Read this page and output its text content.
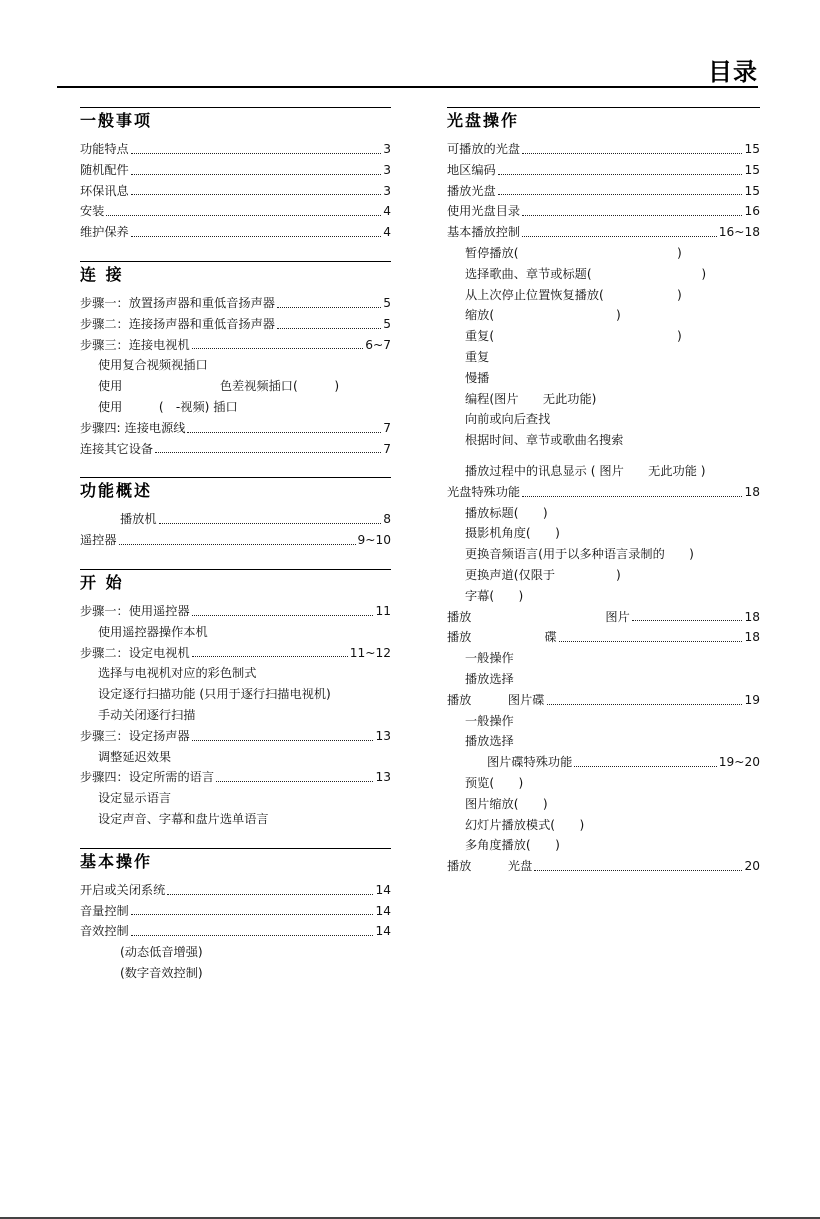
目录
一般事项
功能特点	3
随机配件	3
环保讯息	3
安装	4
维护保养	4
连 接
步骤一：放置扬声器和重低音扬声器	5
步骤二：连接扬声器和重低音扬声器	5
步骤三：连接电视机	6~7
使用复合视频视插口
使用　　　　　　　　色差视频插口(　　　)
使用　　　(　-视频) 插口
步骤四: 连接电源线	7
连接其它设备	7
功能概述
播放机	8
遥控器	9~10
开 始
步骤一：使用遥控器	11
使用遥控器操作本机
步骤二：设定电视机	11~12
选择与电视机对应的彩色制式
设定逐行扫描功能 (只用于逐行扫描电视机)
手动关闭逐行扫描
步骤三：设定扬声器	13
调整延迟效果
步骤四：设定所需的语言	13
设定显示语言
设定声音、字幕和盘片选单语言
基本操作
开启或关闭系统	14
音量控制	14
音效控制	14
(动态低音增强)
(数字音效控制)
光盘操作
可播放的光盘	15
地区编码	15
播放光盘	15
使用光盘目录	16
基本播放控制	16~18
暂停播放(　　　　　　　　　　　　　)
选择歌曲、章节或标题(　　　　　　　　　)
从上次停止位置恢复播放(　　　　　　)
缩放(　　　　　　　　　　)
重复(　　　　　　　　　　　　　　　)
重复
慢播
编程(图片　　无此功能)
向前或向后查找
根据时间、章节或歌曲名搜索
播放过程中的讯息显示 ( 图片　　无此功能 )
光盘特殊功能	18
播放标题(　　)
摄影机角度(　　)
更换音频语言(用于以多种语言录制的　　)
更换声道(仅限于　　　　　)
字幕(　　)
播放　　　　　　　　　　　图片	18
播放　　　　　　碟	18
一般操作
播放选择
播放　　　图片碟	19
一般操作
播放选择
图片碟特殊功能	19~20
预览(　　)
图片缩放(　　)
幻灯片播放模式(　　)
多角度播放(　　)
播放　　　光盘	20
